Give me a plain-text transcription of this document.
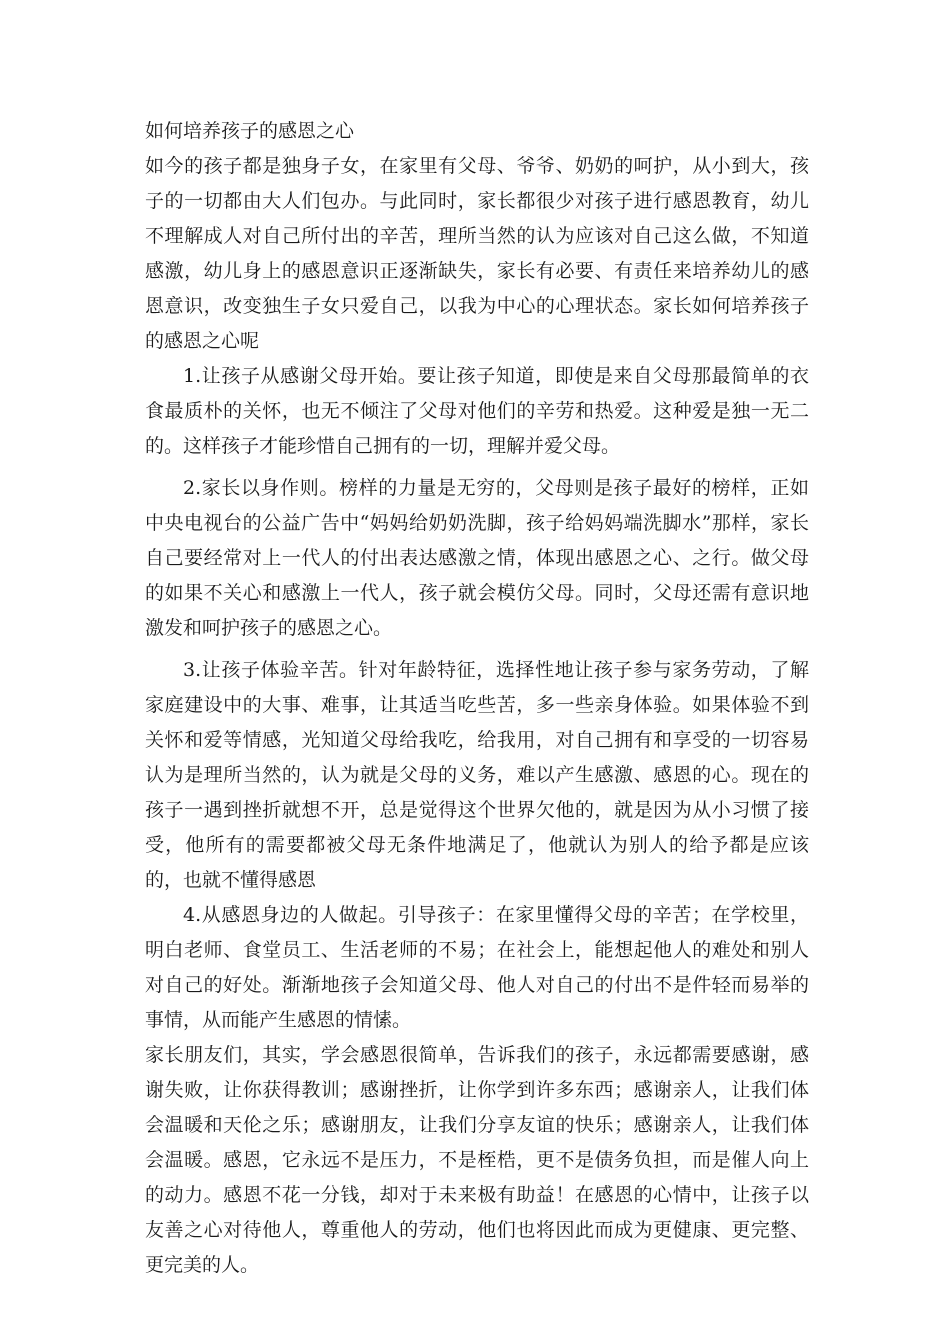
如何培养孩子的感恩之心

如今的孩子都是独身子女，在家里有父母、爷爷、奶奶的呵护，从小到大，孩子的一切都由大人们包办。与此同时，家长都很少对孩子进行感恩教育，幼儿不理解成人对自己所付出的辛苦，理所当然的认为应该对自己这么做，不知道感激，幼儿身上的感恩意识正逐渐缺失，家长有必要、有责任来培养幼儿的感恩意识，改变独生子女只爱自己，以我为中心的心理状态。家长如何培养孩子的感恩之心呢

1.让孩子从感谢父母开始。要让孩子知道，即使是来自父母那最简单的衣食最质朴的关怀，也无不倾注了父母对他们的辛劳和热爱。这种爱是独一无二的。这样孩子才能珍惜自己拥有的一切，理解并爱父母。

2.家长以身作则。榜样的力量是无穷的，父母则是孩子最好的榜样，正如中央电视台的公益广告中“妈妈给奶奶洗脚，孩子给妈妈端洗脚水”那样，家长自己要经常对上一代人的付出表达感激之情，体现出感恩之心、之行。做父母的如果不关心和感激上一代人，孩子就会模仿父母。同时，父母还需有意识地激发和呵护孩子的感恩之心。

3.让孩子体验辛苦。针对年龄特征，选择性地让孩子参与家务劳动，了解家庭建设中的大事、难事，让其适当吃些苦，多一些亲身体验。如果体验不到关怀和爱等情感，光知道父母给我吃，给我用，对自己拥有和享受的一切容易认为是理所当然的，认为就是父母的义务，难以产生感激、感恩的心。现在的孩子一遇到挫折就想不开，总是觉得这个世界欠他的，就是因为从小习惯了接受，他所有的需要都被父母无条件地满足了，他就认为别人的给予都是应该的，也就不懂得感恩

4.从感恩身边的人做起。引导孩子：在家里懂得父母的辛苦；在学校里，明白老师、食堂员工、生活老师的不易；在社会上，能想起他人的难处和别人对自己的好处。渐渐地孩子会知道父母、他人对自己的付出不是件轻而易举的事情，从而能产生感恩的情愫。

家长朋友们，其实，学会感恩很简单，告诉我们的孩子，永远都需要感谢，感谢失败，让你获得教训；感谢挫折，让你学到许多东西；感谢亲人，让我们体会温暖和天伦之乐；感谢朋友，让我们分享友谊的快乐；感谢亲人，让我们体会温暖。感恩，它永远不是压力，不是桎梏，更不是债务负担，而是催人向上的动力。感恩不花一分钱，却对于未来极有助益！在感恩的心情中，让孩子以友善之心对待他人，尊重他人的劳动，他们也将因此而成为更健康、更完整、更完美的人。
